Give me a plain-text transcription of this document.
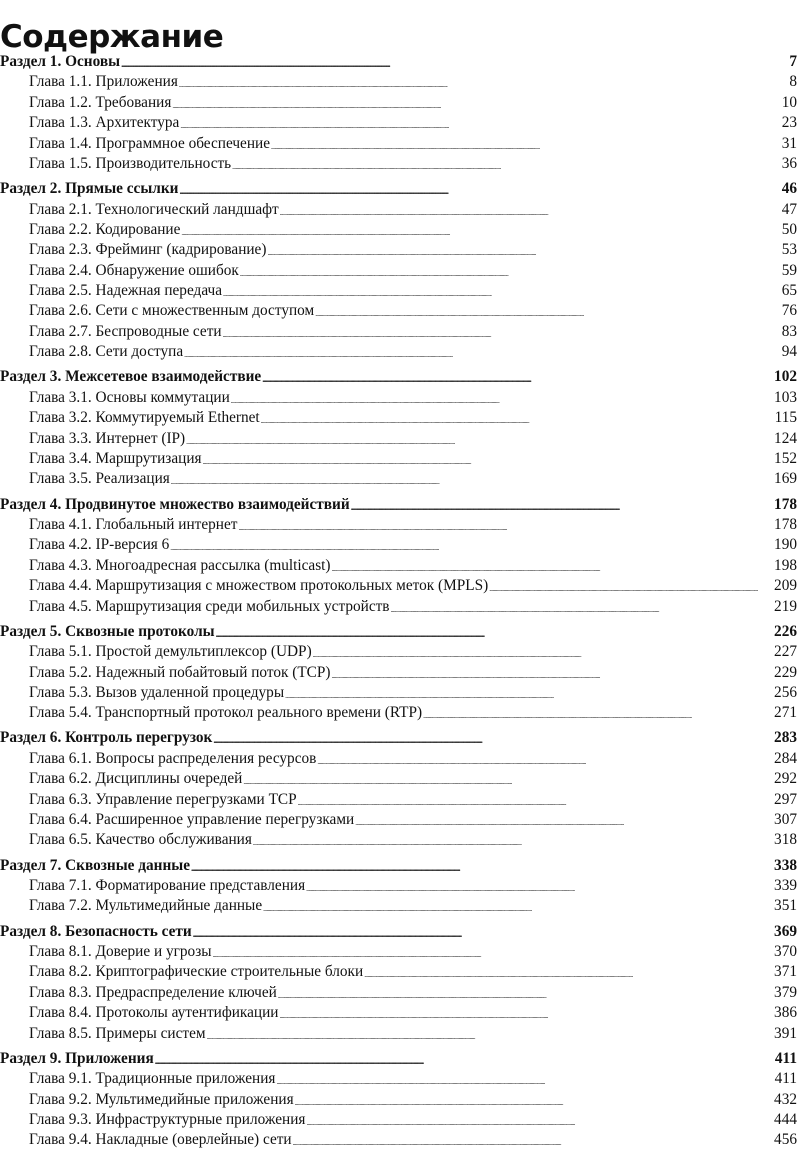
Содержание
Раздел 1. Основы . . .	7
Глава 1.1. Приложения . . .	8
Глава 1.2. Требования . . .	10
Глава 1.3. Архитектура . . .	23
Глава 1.4. Программное обеспечение . . .	31
Глава 1.5. Производительность . . .	36
Раздел 2. Прямые ссылки . . .	46
Глава 2.1. Технологический ландшафт . . .	47
Глава 2.2. Кодирование . . .	50
Глава 2.3. Фрейминг (кадрирование) . . .	53
Глава 2.4. Обнаружение ошибок . . .	59
Глава 2.5. Надежная передача . . .	65
Глава 2.6. Сети с множественным доступом . . .	76
Глава 2.7. Беспроводные сети . . .	83
Глава 2.8. Сети доступа . . .	94
Раздел 3. Межсетевое взаимодействие . . .	102
Глава 3.1. Основы коммутации . . .	103
Глава 3.2. Коммутируемый Ethernet . . .	115
Глава 3.3. Интернет (IP) . . .	124
Глава 3.4. Маршрутизация . . .	152
Глава 3.5. Реализация . . .	169
Раздел 4. Продвинутое множество взаимодействий . . .	178
Глава 4.1. Глобальный интернет . . .	178
Глава 4.2. IP-версия 6 . . .	190
Глава 4.3. Многоадресная рассылка (multicast) . . .	198
Глава 4.4. Маршрутизация с множеством протокольных меток (MPLS) . . .	209
Глава 4.5. Маршрутизация среди мобильных устройств . . .	219
Раздел 5. Сквозные протоколы . . .	226
Глава 5.1. Простой демультиплексор (UDP) . . .	227
Глава 5.2. Надежный побайтовый поток (TCP) . . .	229
Глава 5.3. Вызов удаленной процедуры . . .	256
Глава 5.4. Транспортный протокол реального времени (RTP) . . .	271
Раздел 6. Контроль перегрузок . . .	283
Глава 6.1. Вопросы распределения ресурсов . . .	284
Глава 6.2. Дисциплины очередей . . .	292
Глава 6.3. Управление перегрузками TCP . . .	297
Глава 6.4. Расширенное управление перегрузками . . .	307
Глава 6.5. Качество обслуживания . . .	318
Раздел 7. Сквозные данные . . .	338
Глава 7.1. Форматирование представления . . .	339
Глава 7.2. Мультимедийные данные . . .	351
Раздел 8. Безопасность сети . . .	369
Глава 8.1. Доверие и угрозы . . .	370
Глава 8.2. Криптографические строительные блоки . . .	371
Глава 8.3. Предраспределение ключей . . .	379
Глава 8.4. Протоколы аутентификации . . .	386
Глава 8.5. Примеры систем . . .	391
Раздел 9. Приложения . . .	411
Глава 9.1. Традиционные приложения . . .	411
Глава 9.2. Мультимедийные приложения . . .	432
Глава 9.3. Инфраструктурные приложения . . .	444
Глава 9.4. Накладные (оверлейные) сети . . .	456
